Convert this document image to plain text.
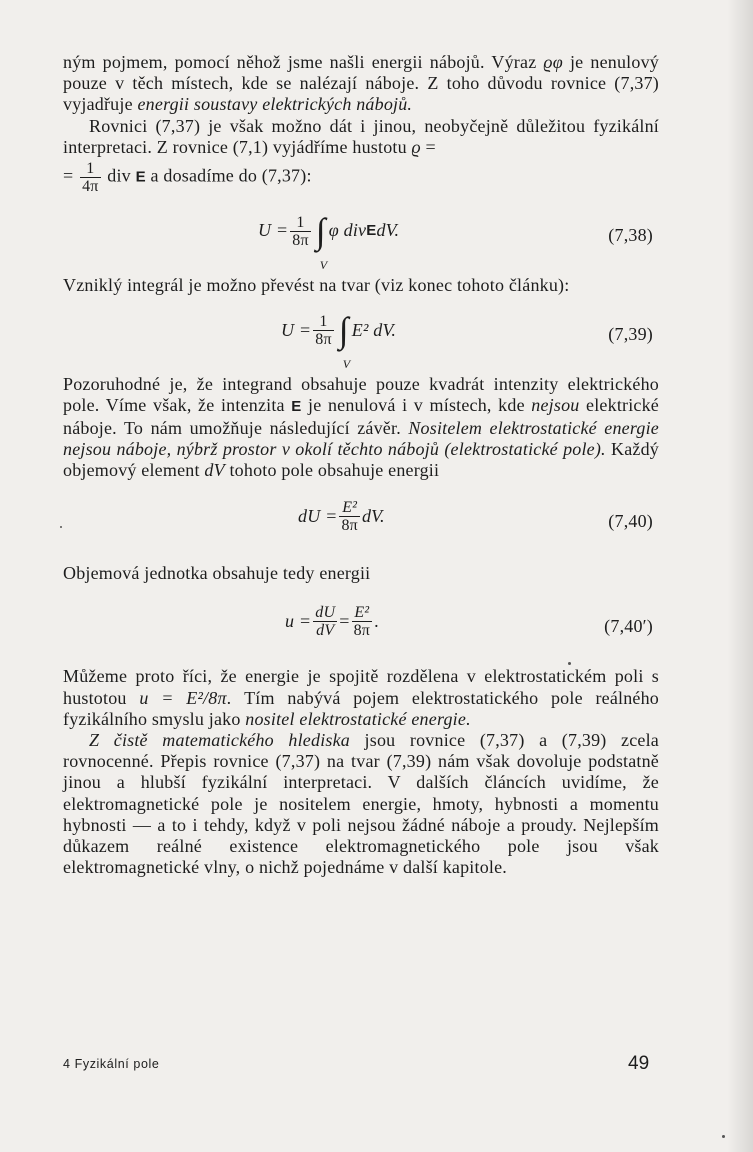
ným pojmem, pomocí něhož jsme našli energii nábojů. Výraz ϱφ je nenulový pouze v těch místech, kde se nalézají náboje. Z toho důvodu rovnice (7,37) vyjadřuje energii soustavy elektrických nábojů.

Rovnici (7,37) je však možno dát i jinou, neobyčejně důležitou fyzikální interpretaci. Z rovnice (7,1) vyjádříme hustotu ϱ =

= $\frac{1}{4\pi}$ div E a dosadíme do (7,37):

$U = \frac{1}{8\pi}$ ∫
V
φ div E dV.	(7,38)

Vzniklý integrál je možno převést na tvar (viz konec tohoto článku):

$U = \frac{1}{8\pi}$ ∫
V
E² dV.	(7,39)

Pozoruhodné je, že integrand obsahuje pouze kvadrát intenzity elektrického pole. Víme však, že intenzita E je nenulová i v místech, kde nejsou elektrické náboje. To nám umožňuje následující závěr. Nositelem elektrostatické energie nejsou náboje, nýbrž prostor v okolí těchto nábojů (elektrostatické pole). Každý objemový element dV tohoto pole obsahuje energii

dU = $\frac{\text{E²}}{8\pi}$ dV.	(7,40)

Objemová jednotka obsahuje tedy energii

$u = \frac{dU}{dV} = \frac{\text{E²}}{8\pi}$ .	(7,40′)

Můžeme proto říci, že energie je spojitě rozdělena v elektrostatickém poli s hustotou u = E²/8π. Tím nabývá pojem elektrostatického pole reálného fyzikálního smyslu jako nositel elektrostatické energie.

Z čistě matematického hlediska jsou rovnice (7,37) a (7,39) zcela rovnocenné. Přepis rovnice (7,37) na tvar (7,39) nám však dovoluje podstatně jinou a hlubší fyzikální interpretaci. V dalších článcích uvidíme, že elektromagnetické pole je nositelem energie, hmoty, hybnosti a momentu hybnosti — a to i tehdy, když v poli nejsou žádné náboje a proudy. Nejlepším důkazem reálné existence elektromagnetického pole jsou však elektromagnetické vlny, o nichž pojednáme v další kapitole.

4 Fyzikální pole	49
